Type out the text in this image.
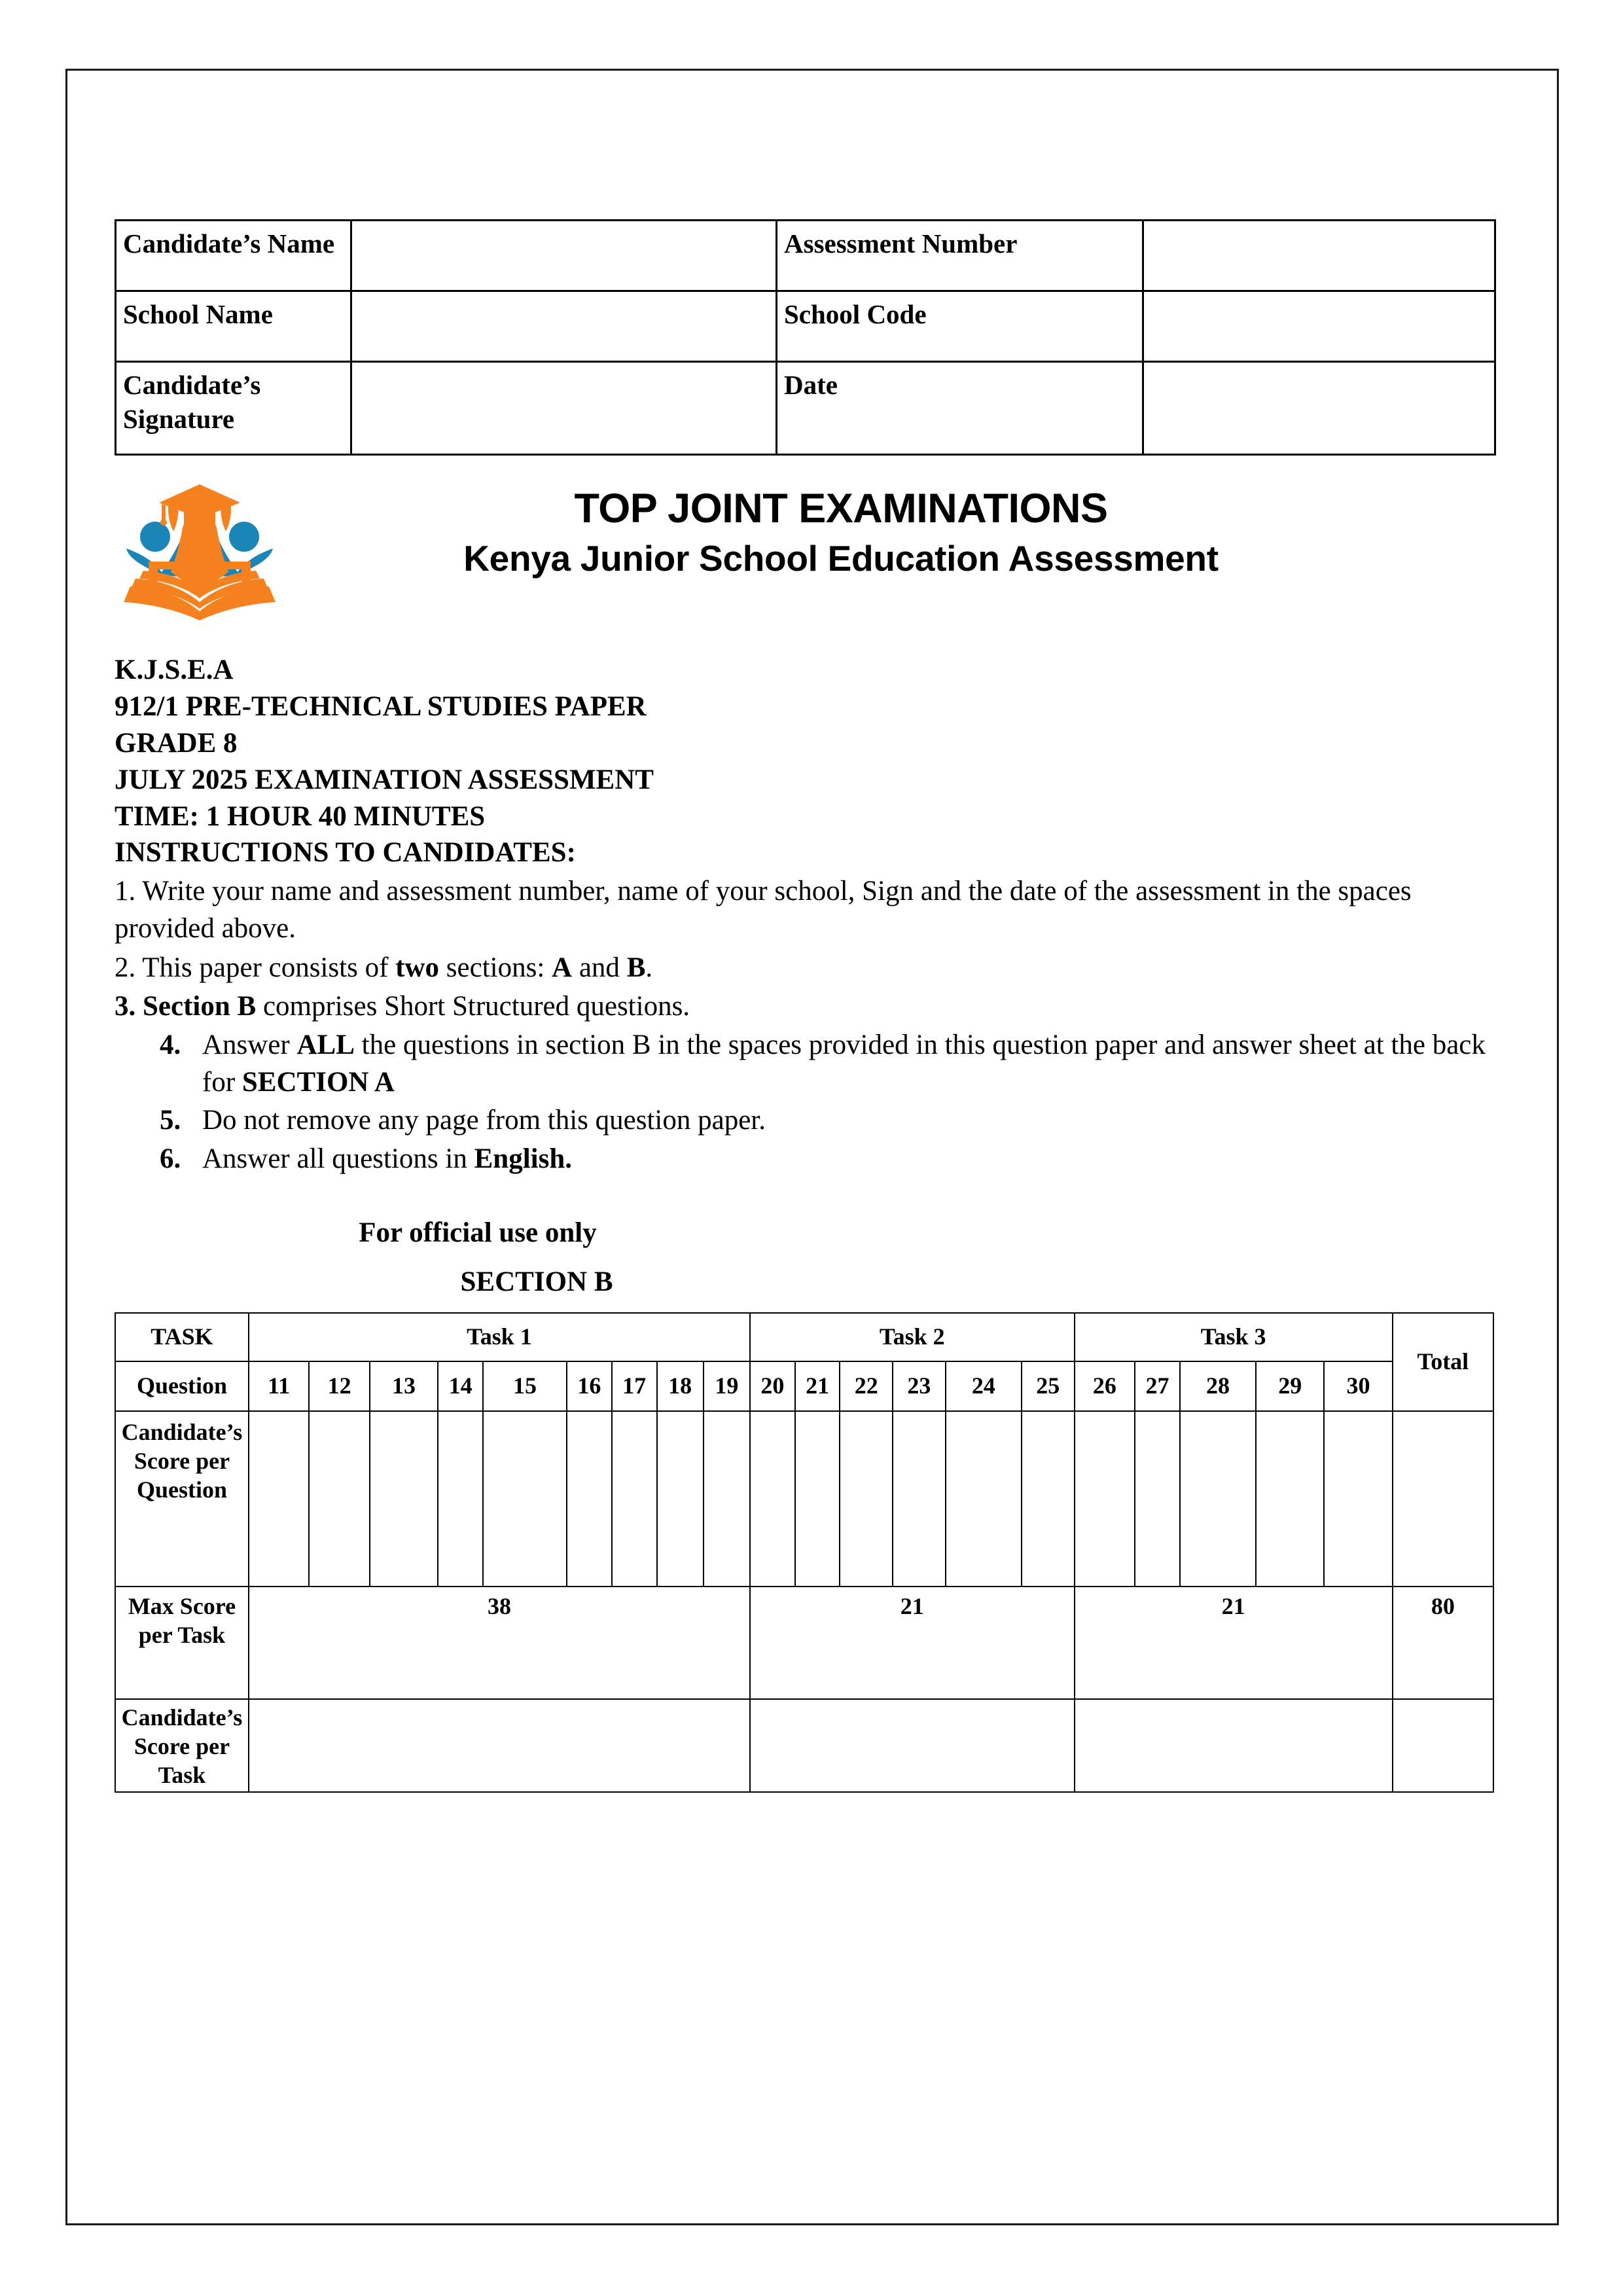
Candidate’s Name		Assessment Number	
School Name		School Code	
Candidate’s Signature		Date	
TOP JOINT EXAMINATIONS
Kenya Junior School Education Assessment
K.J.S.E.A
912/1 PRE-TECHNICAL STUDIES PAPER
GRADE 8
JULY 2025 EXAMINATION ASSESSMENT
TIME: 1 HOUR 40 MINUTES
INSTRUCTIONS TO CANDIDATES:
1. Write your name and assessment number, name of your school, Sign and the date of the assessment in the spaces provided above.
2. This paper consists of two sections: A and B.
3. Section B comprises Short Structured questions.
4. Answer ALL the questions in section B in the spaces provided in this question paper and answer sheet at the back for SECTION A
5. Do not remove any page from this question paper.
6. Answer all questions in English.
For official use only
SECTION B
TASK	Task 1									Task 2						Task 3					Total
Question	11	12	13	14	15	16	17	18	19	20	21	22	23	24	25	26	27	28	29	30	
Candidate’s Score per Question																					
Max Score per Task	38									21						21					80
Candidate’s Score per Task																					
